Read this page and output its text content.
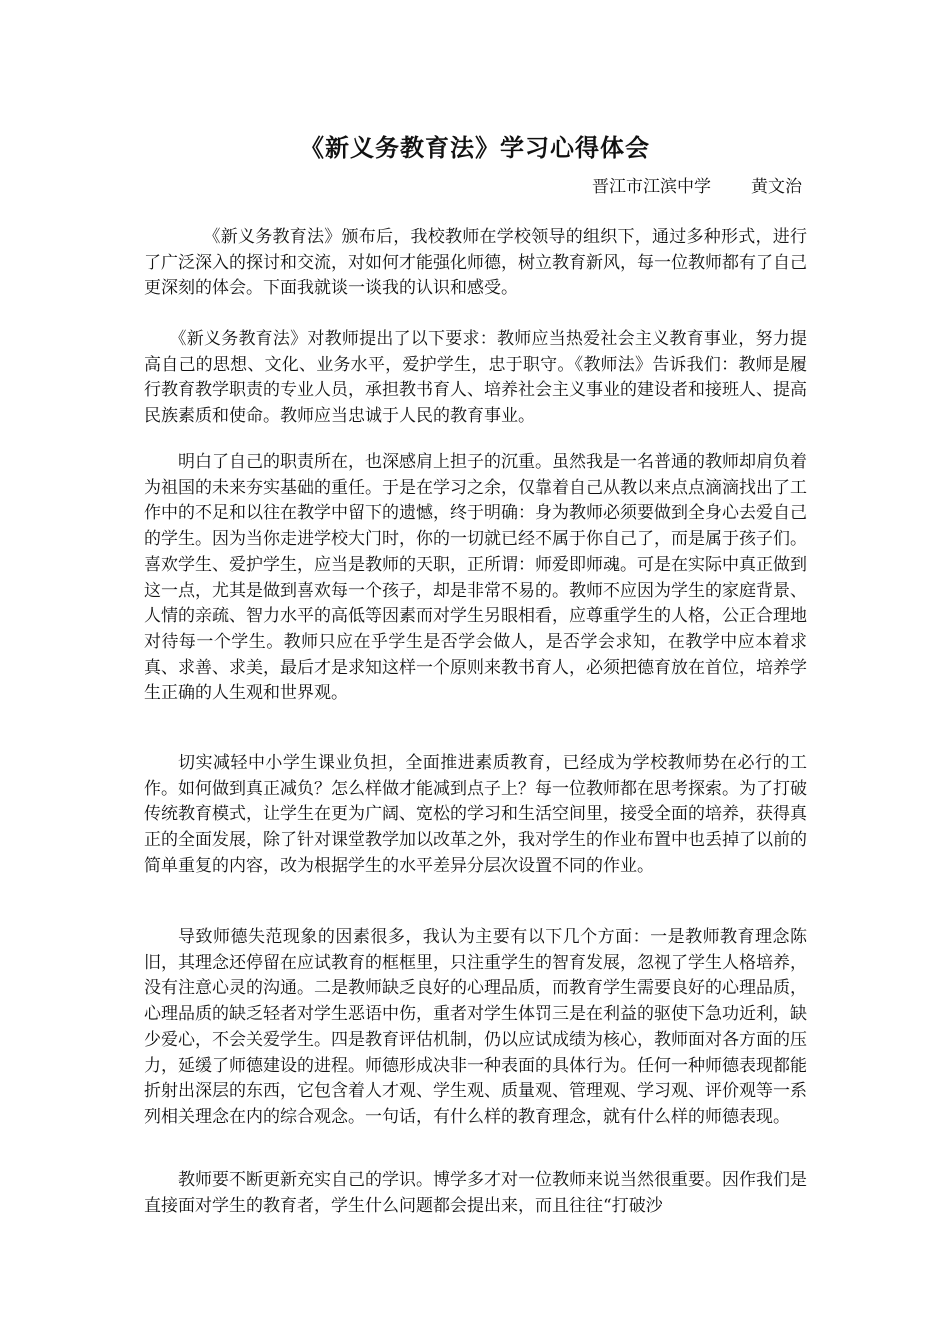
《新义务教育法》学习心得体会
晋江市江滨中学 黄文治

《新义务教育法》颁布后，我校教师在学校领导的组织下，通过多种形式，进行了广泛深入的探讨和交流，对如何才能强化师德，树立教育新风，每一位教师都有了自己更深刻的体会。下面我就谈一谈我的认识和感受。

《新义务教育法》对教师提出了以下要求：教师应当热爱社会主义教育事业，努力提高自己的思想、文化、业务水平，爱护学生，忠于职守。《教师法》告诉我们：教师是履行教育教学职责的专业人员，承担教书育人、培养社会主义事业的建设者和接班人、提高民族素质和使命。教师应当忠诚于人民的教育事业。

明白了自己的职责所在，也深感肩上担子的沉重。虽然我是一名普通的教师却肩负着为祖国的未来夯实基础的重任。于是在学习之余，仅靠着自己从教以来点点滴滴找出了工作中的不足和以往在教学中留下的遗憾，终于明确：身为教师必须要做到全身心去爱自己的学生。因为当你走进学校大门时，你的一切就已经不属于你自己了，而是属于孩子们。喜欢学生、爱护学生，应当是教师的天职，正所谓：师爱即师魂。可是在实际中真正做到这一点，尤其是做到喜欢每一个孩子，却是非常不易的。教师不应因为学生的家庭背景、人情的亲疏、智力水平的高低等因素而对学生另眼相看，应尊重学生的人格，公正合理地对待每一个学生。教师只应在乎学生是否学会做人，是否学会求知，在教学中应本着求真、求善、求美，最后才是求知这样一个原则来教书育人，必须把德育放在首位，培养学生正确的人生观和世界观。

切实减轻中小学生课业负担，全面推进素质教育，已经成为学校教师势在必行的工作。如何做到真正减负？怎么样做才能减到点子上？每一位教师都在思考探索。为了打破传统教育模式，让学生在更为广阔、宽松的学习和生活空间里，接受全面的培养，获得真正的全面发展，除了针对课堂教学加以改革之外，我对学生的作业布置中也丢掉了以前的简单重复的内容，改为根据学生的水平差异分层次设置不同的作业。

导致师德失范现象的因素很多，我认为主要有以下几个方面：一是教师教育理念陈旧，其理念还停留在应试教育的框框里，只注重学生的智育发展，忽视了学生人格培养，没有注意心灵的沟通。二是教师缺乏良好的心理品质，而教育学生需要良好的心理品质，心理品质的缺乏轻者对学生恶语中伤，重者对学生体罚三是在利益的驱使下急功近利，缺少爱心，不会关爱学生。四是教育评估机制，仍以应试成绩为核心，教师面对各方面的压力，延缓了师德建设的进程。师德形成决非一种表面的具体行为。任何一种师德表现都能折射出深层的东西，它包含着人才观、学生观、质量观、管理观、学习观、评价观等一系列相关理念在内的综合观念。一句话，有什么样的教育理念，就有什么样的师德表现。

教师要不断更新充实自己的学识。博学多才对一位教师来说当然很重要。因作我们是直接面对学生的教育者，学生什么问题都会提出来，而且往往“打破沙
